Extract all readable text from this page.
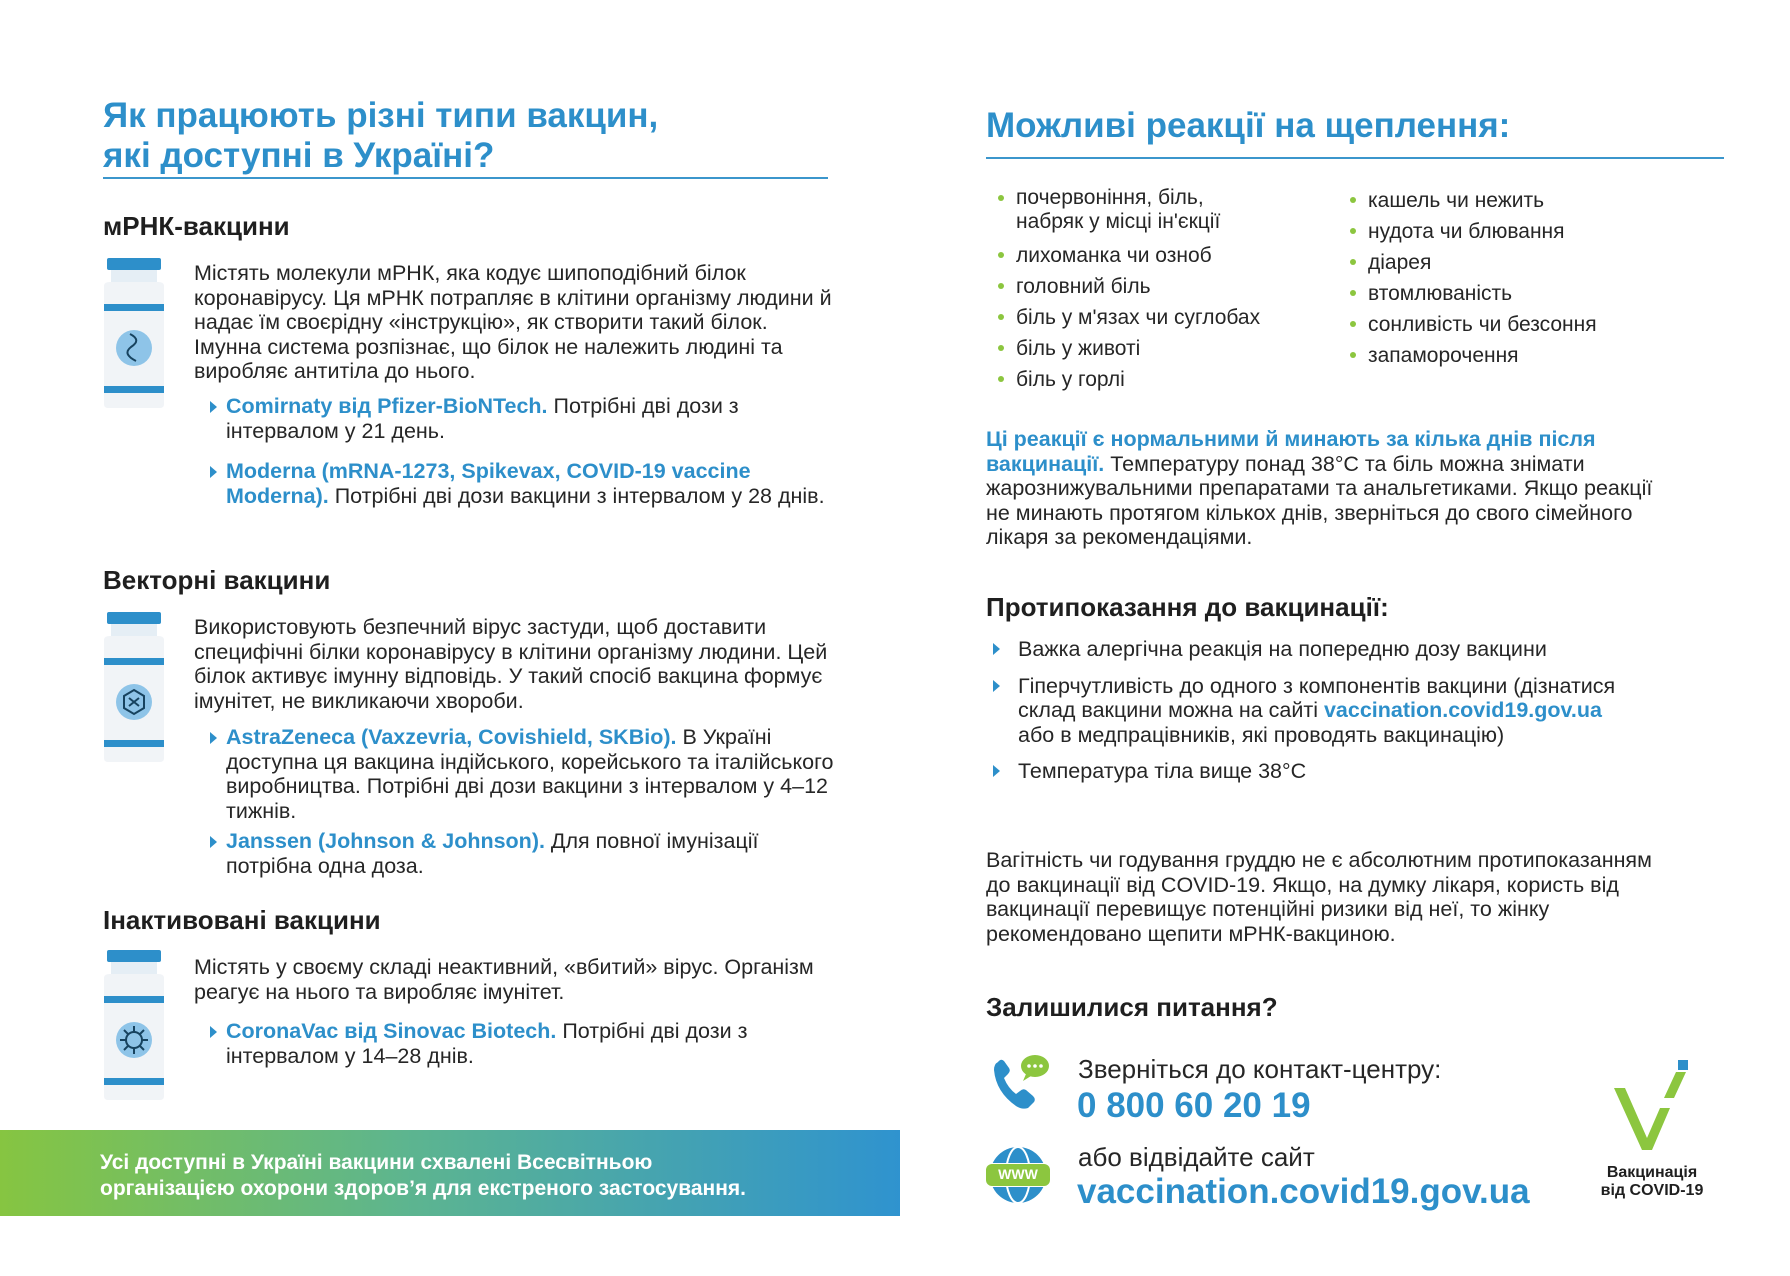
Як працюють різні типи вакцин,
які доступні в Україні?
мРНК-вакцини
Містять молекули мРНК, яка кодує шипоподібний білок коронавірусу. Ця мРНК потрапляє в клітини організму людини й надає їм своєрідну «інструкцію», як створити такий білок. Імунна система розпізнає, що білок не належить людині та виробляє антитіла до нього.
Comirnaty від Pfizer-BioNTech. Потрібні дві дози з інтервалом у 21 день.
Moderna (mRNA-1273, Spikevax, COVID-19 vaccine Moderna). Потрібні дві дози вакцини з інтервалом у 28 днів.
Векторні вакцини
Використовують безпечний вірус застуди, щоб доставити специфічні білки коронавірусу в клітини організму людини. Цей білок активує імунну відповідь. У такий спосіб вакцина формує імунітет, не викликаючи хвороби.
AstraZeneca (Vaxzevria, Covishield, SKBio). В Україні доступна ця вакцина індійського, корейського та італійського виробництва. Потрібні дві дози вакцини з інтервалом у 4–12 тижнів.
Janssen (Johnson & Johnson). Для повної імунізації потрібна одна доза.
Інактивовані вакцини
Містять у своєму складі неактивний, «вбитий» вірус. Організм реагує на нього та виробляє імунітет.
CoronaVac від Sinovac Biotech. Потрібні дві дози з інтервалом у 14–28 днів.
Усі доступні в Україні вакцини схвалені Всесвітньою
організацією охорони здоров’я для екстреного застосування.
Можливі реакції на щеплення:
почервоніння, біль,
набряк у місці ін'єкції
лихоманка чи озноб
головний біль
біль у м'язах чи суглобах
біль у животі
біль у горлі
кашель чи нежить
нудота чи блювання
діарея
втомлюваність
сонливість чи безсоння
запаморочення
Ці реакції є нормальними й минають за кілька днів після вакцинації. Температуру понад 38°C та біль можна знімати жарознижувальними препаратами та анальгетиками. Якщо реакції не минають протягом кількох днів, зверніться до свого сімейного лікаря за рекомендаціями.
Протипоказання до вакцинації:
Важка алергічна реакція на попередню дозу вакцини
Гіперчутливість до одного з компонентів вакцини (дізнатися склад вакцини можна на сайті vaccination.covid19.gov.ua або в медпрацівників, які проводять вакцинацію)
Температура тіла вище 38°C
Вагітність чи годування груддю не є абсолютним протипоказанням до вакцинації від COVID-19. Якщо, на думку лікаря, користь від вакцинації перевищує потенційні ризики від неї, то жінку рекомендовано щепити мРНК-вакциною.
Залишилися питання?
Зверніться до контакт-центру:
0 800 60 20 19
WWW
або відвідайте сайт
vaccination.covid19.gov.ua	Вакцинація
від COVID-19
